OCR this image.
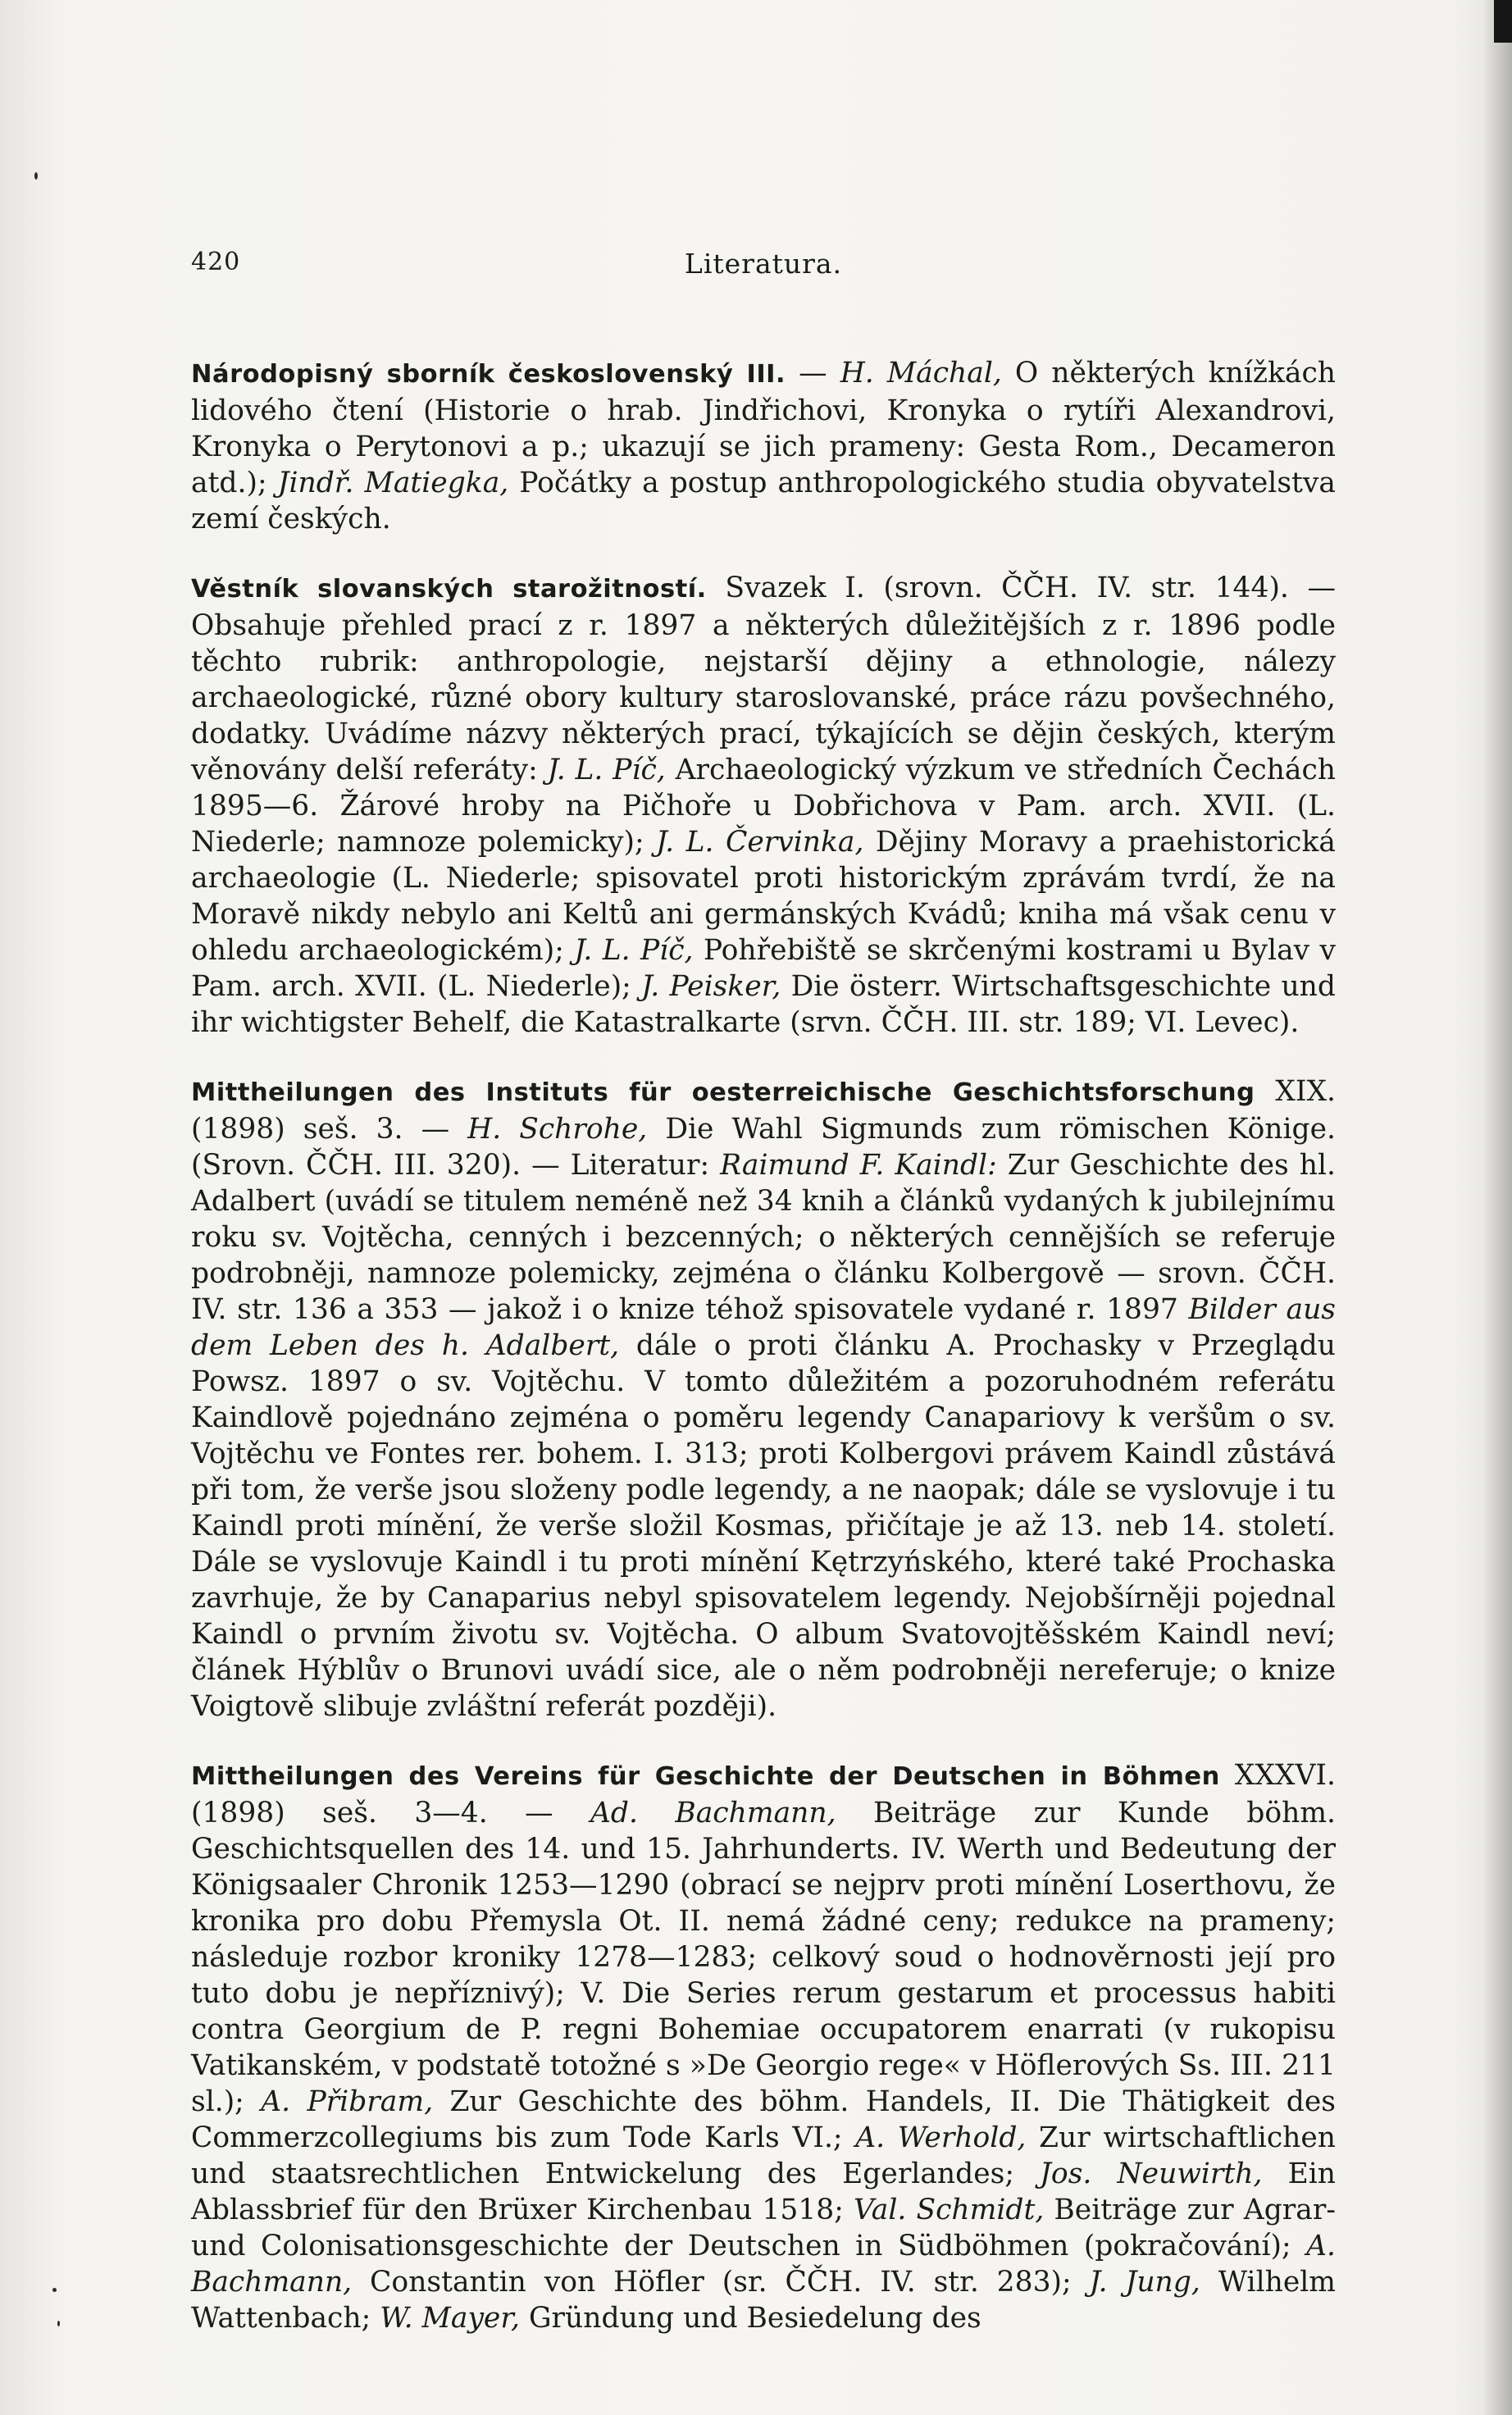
420	Literatura.

Národopisný sborník československý III. — H. Máchal, O některých knížkách lidového čtení (Historie o hrab. Jindřichovi, Kronyka o rytíři Alexandrovi, Kronyka o Perytonovi a p.; ukazují se jich prameny: Gesta Rom., Decameron atd.); Jindř. Matiegka, Počátky a postup anthropologického studia obyvatelstva zemí českých.

Věstník slovanských starožitností. Svazek I. (srovn. ČČH. IV. str. 144). — Obsahuje přehled prací z r. 1897 a některých důležitějších z r. 1896 podle těchto rubrik: anthropologie, nejstarší dějiny a ethnologie, nálezy archaeologické, různé obory kultury staroslovanské, práce rázu povšechného, dodatky. Uvádíme názvy některých prací, týkajících se dějin českých, kterým věnovány delší referáty: J. L. Píč, Archaeologický výzkum ve středních Čechách 1895—6. Žárové hroby na Pičhoře u Dobřichova v Pam. arch. XVII. (L. Niederle; namnoze polemicky); J. L. Červinka, Dějiny Moravy a praehistorická archaeologie (L. Niederle; spisovatel proti historickým zprávám tvrdí, že na Moravě nikdy nebylo ani Keltů ani germánských Kvádů; kniha má však cenu v ohledu archaeologickém); J. L. Píč, Pohřebiště se skrčenými kostrami u Bylav v Pam. arch. XVII. (L. Niederle); J. Peisker, Die österr. Wirtschaftsgeschichte und ihr wichtigster Behelf, die Katastralkarte (srvn. ČČH. III. str. 189; VI. Levec).

Mittheilungen des Instituts für oesterreichische Geschichtsforschung XIX. (1898) seš. 3. — H. Schrohe, Die Wahl Sigmunds zum römischen Könige. (Srovn. ČČH. III. 320). — Literatur: Raimund F. Kaindl: Zur Geschichte des hl. Adalbert (uvádí se titulem neméně než 34 knih a článků vydaných k jubilejnímu roku sv. Vojtěcha, cenných i bezcenných; o některých cennějších se referuje podrobněji, namnoze polemicky, zejména o článku Kolbergově — srovn. ČČH. IV. str. 136 a 353 — jakož i o knize téhož spisovatele vydané r. 1897 Bilder aus dem Leben des h. Adalbert, dále o proti článku A. Prochasky v Przeglądu Powsz. 1897 o sv. Vojtěchu. V tomto důležitém a pozoruhodném referátu Kaindlově pojednáno zejména o poměru legendy Canapariovy k veršům o sv. Vojtěchu ve Fontes rer. bohem. I. 313; proti Kolbergovi právem Kaindl zůstává při tom, že verše jsou složeny podle legendy, a ne naopak; dále se vyslovuje i tu Kaindl proti mínění, že verše složil Kosmas, přičítaje je až 13. neb 14. století. Dále se vyslovuje Kaindl i tu proti mínění Kętrzyńského, které také Prochaska zavrhuje, že by Canaparius nebyl spisovatelem legendy. Nejobšírněji pojednal Kaindl o prvním životu sv. Vojtěcha. O album Svatovojtěšském Kaindl neví; článek Hýblův o Brunovi uvádí sice, ale o něm podrobněji nereferuje; o knize Voigtově slibuje zvláštní referát později).

Mittheilungen des Vereins für Geschichte der Deutschen in Böhmen XXXVI. (1898) seš. 3—4. — Ad. Bachmann, Beiträge zur Kunde böhm. Geschichtsquellen des 14. und 15. Jahrhunderts. IV. Werth und Bedeutung der Königsaaler Chronik 1253—1290 (obrací se nejprv proti mínění Loserthovu, že kronika pro dobu Přemysla Ot. II. nemá žádné ceny; redukce na prameny; následuje rozbor kroniky 1278—1283; celkový soud o hodnověrnosti její pro tuto dobu je nepříznivý); V. Die Series rerum gestarum et processus habiti contra Georgium de P. regni Bohemiae occupatorem enarrati (v rukopisu Vatikanském, v podstatě totožné s »De Georgio rege« v Höflerových Ss. III. 211 sl.); A. Přibram, Zur Geschichte des böhm. Handels, II. Die Thätigkeit des Commerzcollegiums bis zum Tode Karls VI.; A. Werhold, Zur wirtschaftlichen und staatsrechtlichen Entwickelung des Egerlandes; Jos. Neuwirth, Ein Ablassbrief für den Brüxer Kirchenbau 1518; Val. Schmidt, Beiträge zur Agrar- und Colonisationsgeschichte der Deutschen in Südböhmen (pokračování); A. Bachmann, Constantin von Höfler (sr. ČČH. IV. str. 283); J. Jung, Wilhelm Wattenbach; W. Mayer, Gründung und Besiedelung des
